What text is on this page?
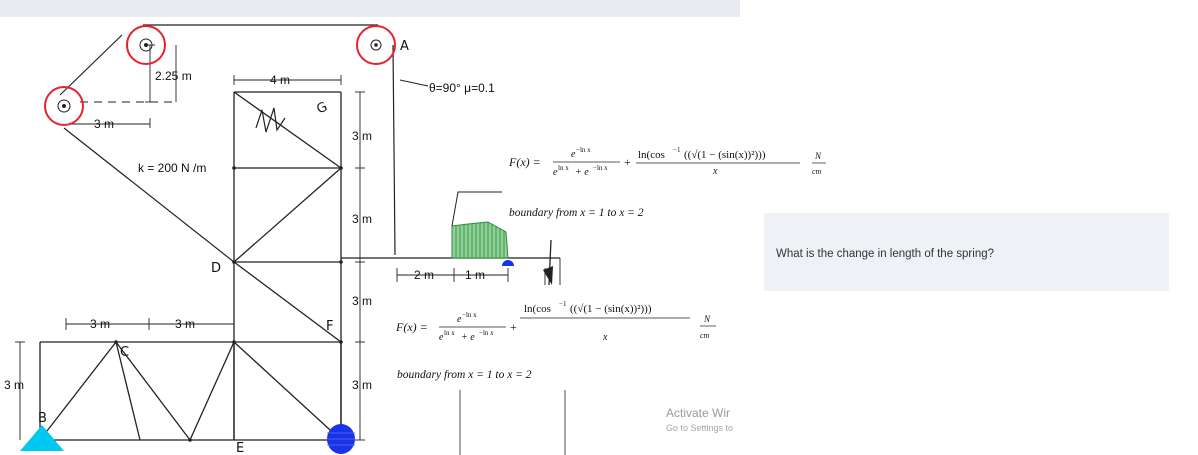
2.25 m
3 m
4 m
3 m
3 m
3 m
3 m
3 m	3 m
3 m
2 m	1 m
k = 200 N /m
θ=90° μ=0.1
A
B
C
D
E
F
G
F(x) =
e −ln x
e ln x + e −ln x + ln(cos −1 ((√(1 − (sin(x))²)))
x
N
cm
boundary from x = 1 to x = 2
F(x) =
e −ln x
e ln x + e −ln x +
ln(cos −1 ((√(1 − (sin(x))²)))
x
N
cm
boundary from x = 1 to x = 2
Activate Wir
Go to Settings to
What is the change in length of the spring?
